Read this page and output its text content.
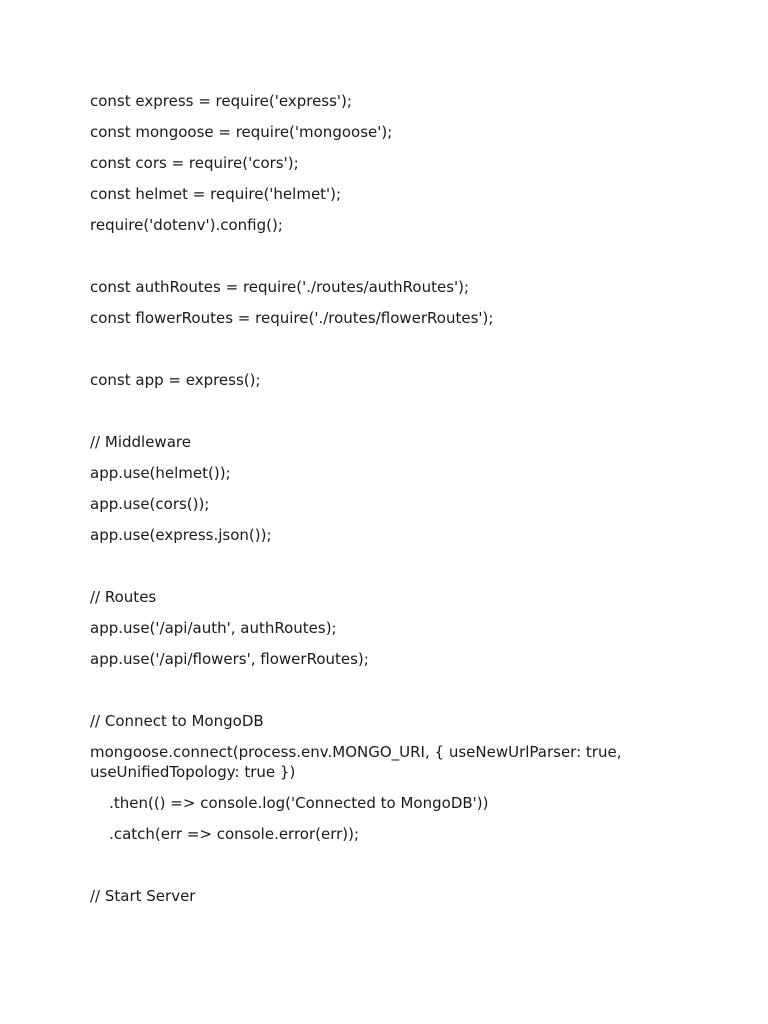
const express = require('express');
const mongoose = require('mongoose');
const cors = require('cors');
const helmet = require('helmet');
require('dotenv').config();
const authRoutes = require('./routes/authRoutes');
const flowerRoutes = require('./routes/flowerRoutes');
const app = express();
// Middleware
app.use(helmet());
app.use(cors());
app.use(express.json());
// Routes
app.use('/api/auth', authRoutes);
app.use('/api/flowers', flowerRoutes);
// Connect to MongoDB
mongoose.connect(process.env.MONGO_URI, { useNewUrlParser: true, useUnifiedTopology: true })
.then(() => console.log('Connected to MongoDB'))
.catch(err => console.error(err));
// Start Server
